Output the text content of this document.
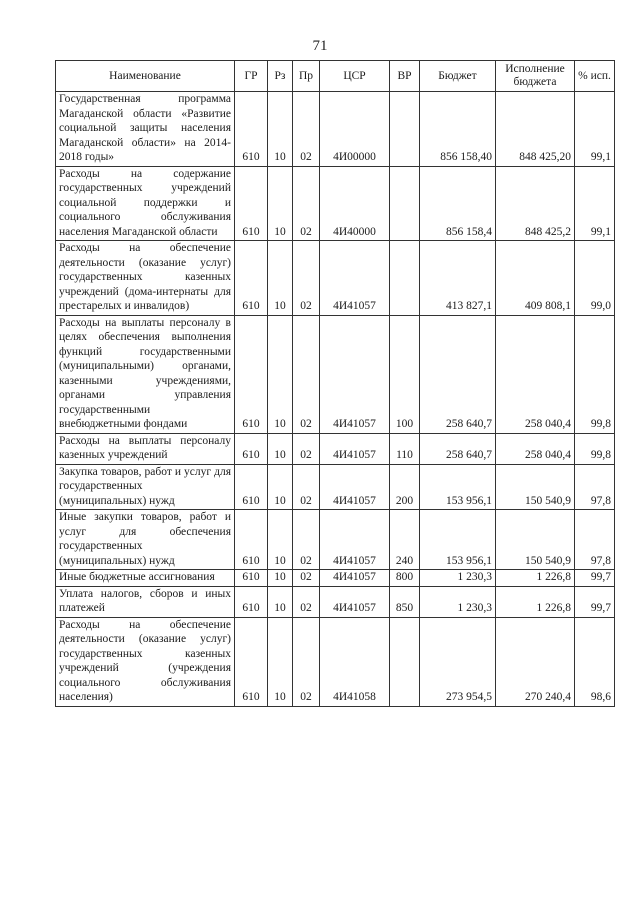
71
Наименование	ГР	Рз	Пр	ЦСР	ВР	Бюджет	Исполнение бюджета	% исп.
Государственная программа Магаданской области «Развитие социальной защиты населения Магаданской области» на 2014-2018 годы»	610	10	02	4И00000		856 158,40	848 425,20	99,1
Расходы на содержание государственных учреждений социальной поддержки и социального обслуживания населения Магаданской области	610	10	02	4И40000		856 158,4	848 425,2	99,1
Расходы на обеспечение деятельности (оказание услуг) государственных казенных учреждений (дома-интернаты для престарелых и инвалидов)	610	10	02	4И41057		413 827,1	409 808,1	99,0
Расходы на выплаты персоналу в целях обеспечения выполнения функций государственными (муниципальными) органами, казенными учреждениями, органами управления государственными внебюджетными фондами	610	10	02	4И41057	100	258 640,7	258 040,4	99,8
Расходы на выплаты персоналу казенных учреждений	610	10	02	4И41057	110	258 640,7	258 040,4	99,8
Закупка товаров, работ и услуг для государственных (муниципальных) нужд	610	10	02	4И41057	200	153 956,1	150 540,9	97,8
Иные закупки товаров, работ и услуг для обеспечения государственных (муниципальных) нужд	610	10	02	4И41057	240	153 956,1	150 540,9	97,8
Иные бюджетные ассигнования	610	10	02	4И41057	800	1 230,3	1 226,8	99,7
Уплата налогов, сборов и иных платежей	610	10	02	4И41057	850	1 230,3	1 226,8	99,7
Расходы на обеспечение деятельности (оказание услуг) государственных казенных учреждений (учреждения социального обслуживания населения)	610	10	02	4И41058		273 954,5	270 240,4	98,6
